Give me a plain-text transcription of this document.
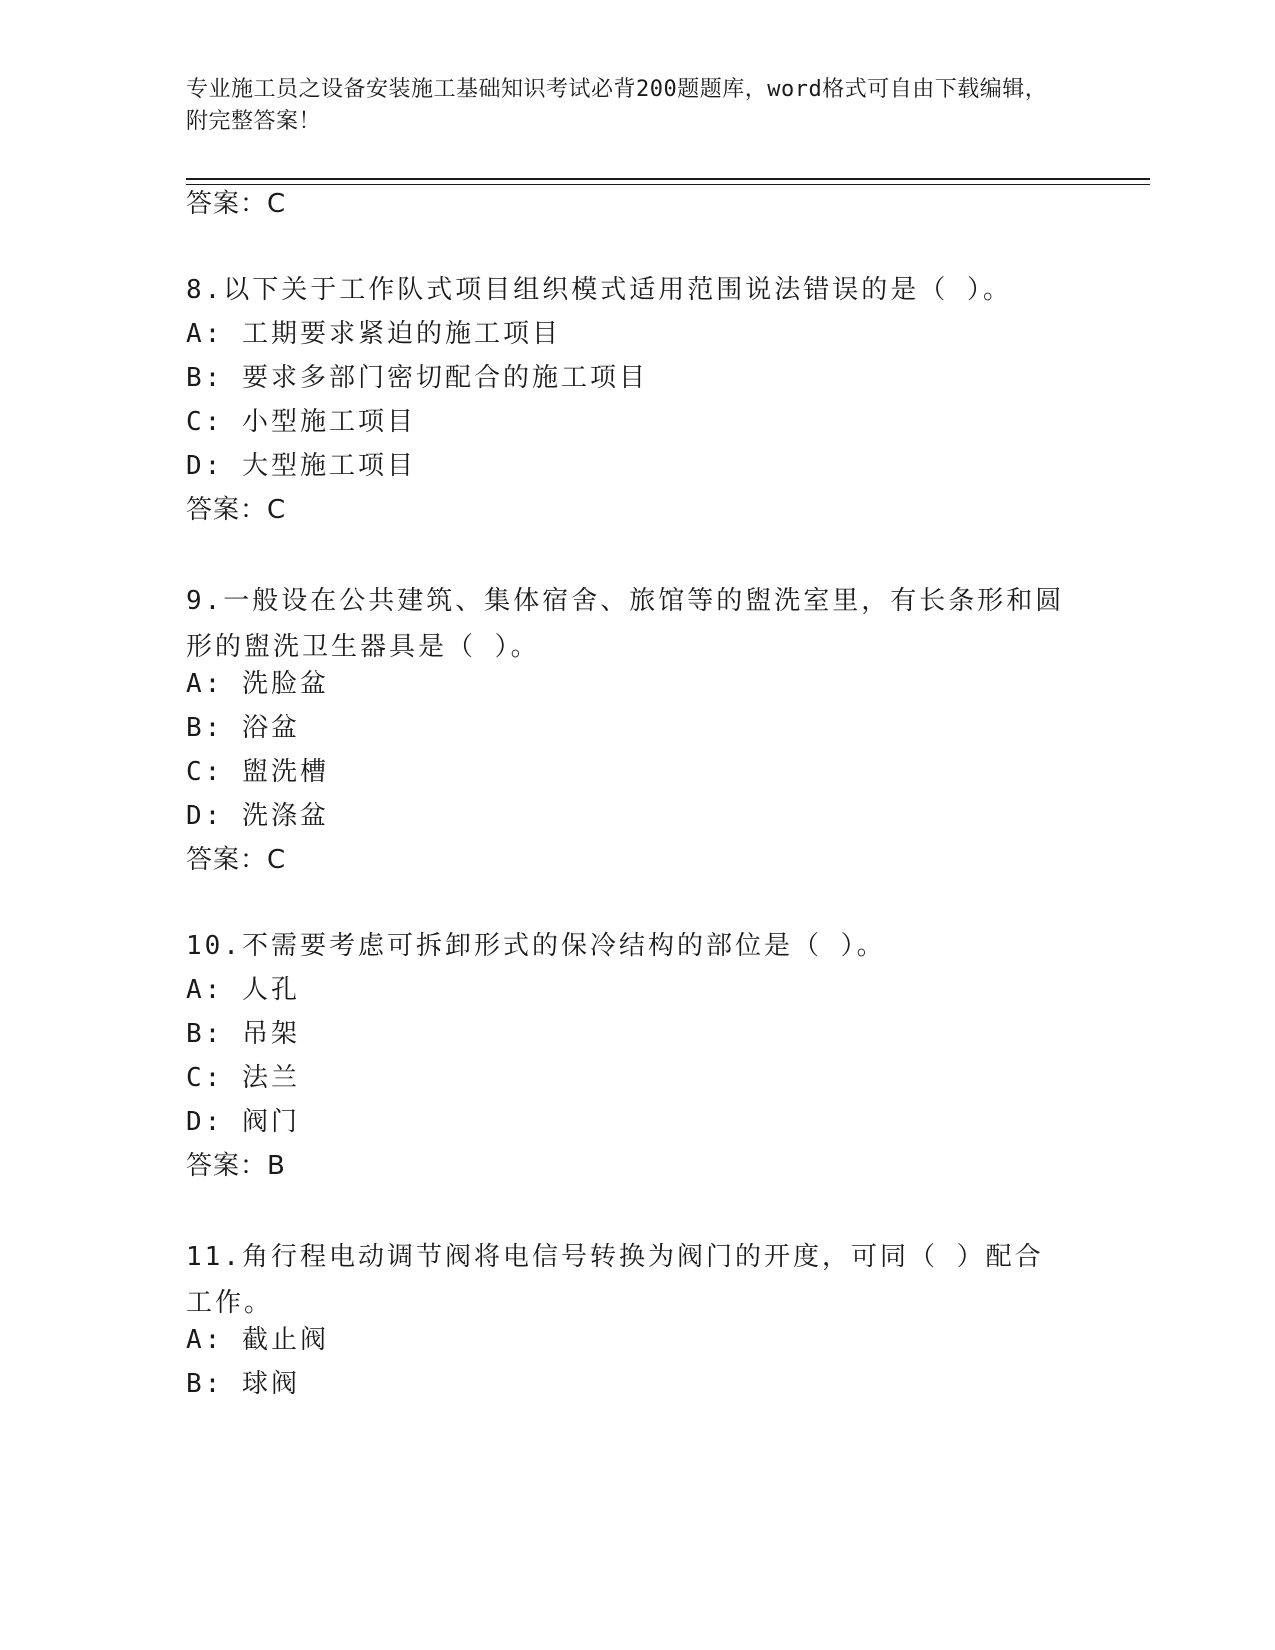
专业施工员之设备安装施工基础知识考试必背200题题库，word格式可自由下载编辑，附完整答案！
答案：C
8.以下关于工作队式项目组织模式适用范围说法错误的是（ ）。
A: 工期要求紧迫的施工项目
B: 要求多部门密切配合的施工项目
C: 小型施工项目
D: 大型施工项目
答案：C
9.一般设在公共建筑、集体宿舍、旅馆等的盥洗室里，有长条形和圆形的盥洗卫生器具是（ ）。
A: 洗脸盆
B: 浴盆
C: 盥洗槽
D: 洗涤盆
答案：C
10.不需要考虑可拆卸形式的保冷结构的部位是（ ）。
A: 人孔
B: 吊架
C: 法兰
D: 阀门
答案：B
11.角行程电动调节阀将电信号转换为阀门的开度，可同（ ）配合工作。
A: 截止阀
B: 球阀
